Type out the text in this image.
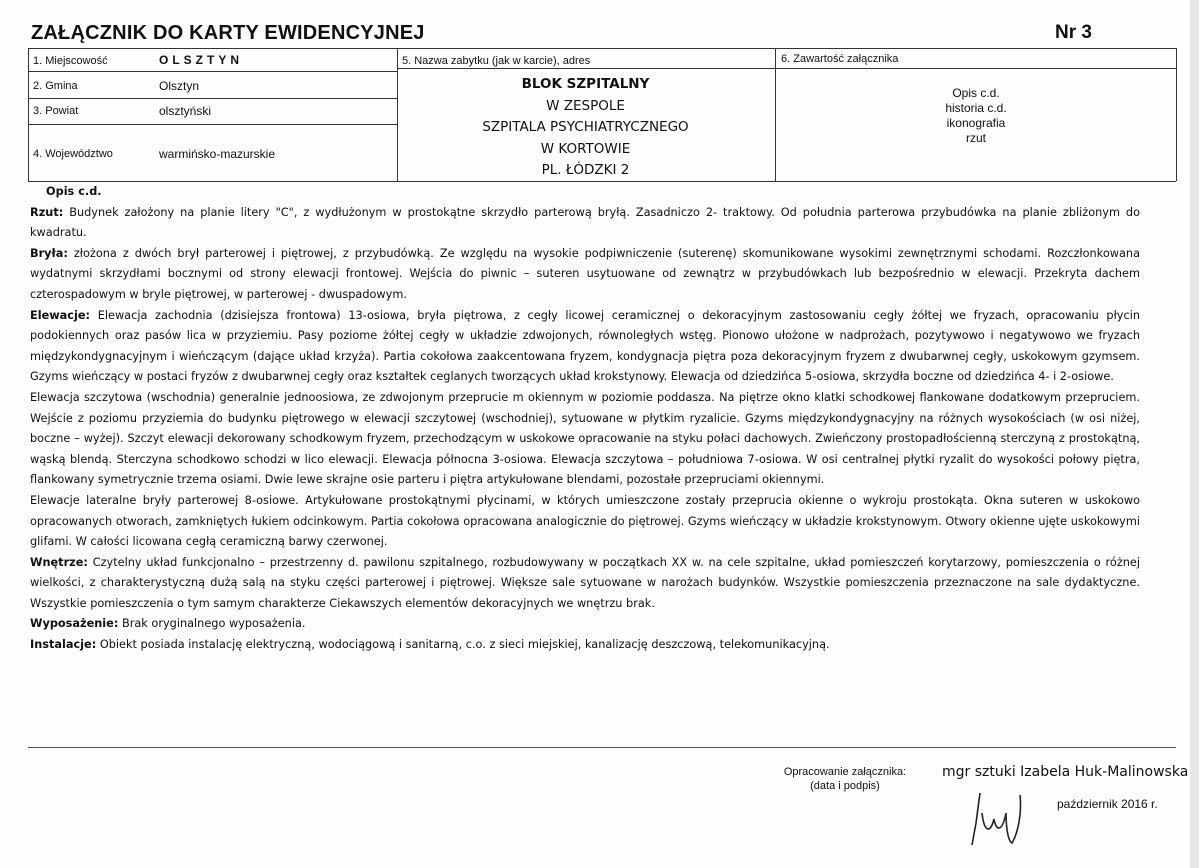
ZAŁĄCZNIK DO KARTY EWIDENCYJNEJ	Nr 3
1. Miejscowość	OLSZTYN
2. Gmina	Olsztyn
3. Powiat	olsztyński
4. Województwo	warmińsko-mazurskie
5. Nazwa zabytku (jak w karcie), adres	6. Zawartość załącznika
BLOK SZPITALNY
W ZESPOLE
SZPITALA PSYCHIATRYCZNEGO
W KORTOWIE
PL. ŁÓDZKI 2
Opis c.d.
historia c.d.
ikonografia
rzut

Opis c.d.

Rzut: Budynek założony na planie litery "C", z wydłużonym w prostokątne skrzydło parterową bryłą. Zasadniczo 2- traktowy. Od południa parterowa przybudówka na planie zbliżonym do kwadratu.

Bryła: złożona z dwóch brył parterowej i piętrowej, z przybudówką. Ze względu na wysokie podpiwniczenie (suterenę) skomunikowane wysokimi zewnętrznymi schodami. Rozczłonkowana wydatnymi skrzydłami bocznymi od strony elewacji frontowej. Wejścia do piwnic – suteren usytuowane od zewnątrz w przybudówkach lub bezpośrednio w elewacji. Przekryta dachem czterospadowym w bryle piętrowej, w parterowej - dwuspadowym.

Elewacje: Elewacja zachodnia (dzisiejsza frontowa) 13-osiowa, bryła piętrowa, z cegły licowej ceramicznej o dekoracyjnym zastosowaniu cegły żółtej we fryzach, opracowaniu płycin podokiennych oraz pasów lica w przyziemiu. Pasy poziome żółtej cegły w układzie zdwojonych, równoległych wstęg. Pionowo ułożone w nadprożach, pozytywowo i negatywowo we fryzach międzykondygnacyjnym i wieńczącym (dające układ krzyża). Partia cokołowa zaakcentowana fryzem, kondygnacja piętra poza dekoracyjnym fryzem z dwubarwnej cegły, uskokowym gzymsem. Gzyms wieńczący w postaci fryzów z dwubarwnej cegły oraz kształtek ceglanych tworzących układ krokstynowy. Elewacja od dziedzińca 5-osiowa, skrzydła boczne od dziedzińca 4- i 2-osiowe.

Elewacja szczytowa (wschodnia) generalnie jednoosiowa, ze zdwojonym przeprucie m okiennym w poziomie poddasza. Na piętrze okno klatki schodkowej flankowane dodatkowym przepruciem. Wejście z poziomu przyziemia do budynku piętrowego w elewacji szczytowej (wschodniej), sytuowane w płytkim ryzalicie. Gzyms międzykondygnacyjny na różnych wysokościach (w osi niżej, boczne – wyżej). Szczyt elewacji dekorowany schodkowym fryzem, przechodzącym w uskokowe opracowanie na styku połaci dachowych. Zwieńczony prostopadłościenną sterczyną z prostokątną, wąską blendą. Sterczyna schodkowo schodzi w lico elewacji. Elewacja północna 3-osiowa. Elewacja szczytowa – południowa 7-osiowa. W osi centralnej płytki ryzalit do wysokości połowy piętra, flankowany symetrycznie trzema osiami. Dwie lewe skrajne osie parteru i piętra artykułowane blendami, pozostałe przepruciami okiennymi.

Elewacje lateralne bryły parterowej 8-osiowe. Artykułowane prostokątnymi płycinami, w których umieszczone zostały przeprucia okienne o wykroju prostokąta. Okna suteren w uskokowo opracowanych otworach, zamkniętych łukiem odcinkowym. Partia cokołowa opracowana analogicznie do piętrowej. Gzyms wieńczący w układzie krokstynowym. Otwory okienne ujęte uskokowymi glifami. W całości licowana cegłą ceramiczną barwy czerwonej.

Wnętrze: Czytelny układ funkcjonalno – przestrzenny d. pawilonu szpitalnego, rozbudowywany w początkach XX w. na cele szpitalne, układ pomieszczeń korytarzowy, pomieszczenia o różnej wielkości, z charakterystyczną dużą salą na styku części parterowej i piętrowej. Większe sale sytuowane w narożach budynków. Wszystkie pomieszczenia przeznaczone na sale dydaktyczne. Wszystkie pomieszczenia o tym samym charakterze Ciekawszych elementów dekoracyjnych we wnętrzu brak.

Wyposażenie: Brak oryginalnego wyposażenia.

Instalacje: Obiekt posiada instalację elektryczną, wodociągową i sanitarną, c.o. z sieci miejskiej, kanalizację deszczową, telekomunikacyjną.

Opracowanie załącznika:
(data i podpis)
mgr sztuki Izabela Huk-Malinowska
październik 2016 r.
